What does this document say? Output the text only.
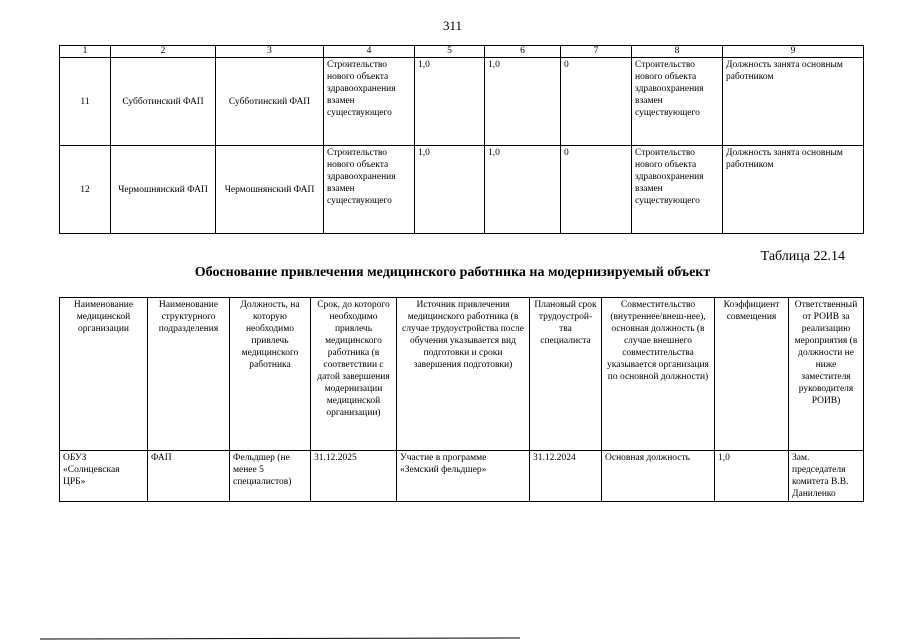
311
1	2	3	4	5	6	7	8	9
11	Субботинский ФАП	Субботинский ФАП	Строительство нового объекта здравоохранения взамен существующего	1,0	1,0	0	Строительство нового объекта здравоохранения взамен существующего	Должность занята основным работником
12	Чермошнянский ФАП	Чермошнянский ФАП	Строительство нового объекта здравоохранения взамен существующего	1,0	1,0	0	Строительство нового объекта здравоохранения взамен существующего	Должность занята основным работником
Таблица 22.14
Обоснование привлечения медицинского работника на модернизируемый объект
Наименование медицинской организации	Наименование структурного подразделения	Должность, на которую необходимо привлечь медицинского работника	Срок, до которого необходимо привлечь медицинского работника (в соответствии с датой завершения модернизации медицинской организации)	Источник привлечения медицинского работника (в случае трудоустройства после обучения указывается вид подготовки и сроки завершения подготовки)	Плановый срок трудоустрой-тва специалиста	Совместительство (внутреннее/внеш-нее), основная должность (в случае внешнего совместительства указывается организация по основной должности)	Коэффициент совмещения	Ответственный от РОИВ за реализацию мероприятия (в должности не ниже заместителя руководителя РОИВ)
ОБУЗ «Солнцевская ЦРБ»	ФАП	Фельдшер (не менее 5 специалистов)	31.12.2025	Участие в программе «Земский фельдшер»	31.12.2024	Основная должность	1,0	Зам. председателя комитета В.В. Даниленко
